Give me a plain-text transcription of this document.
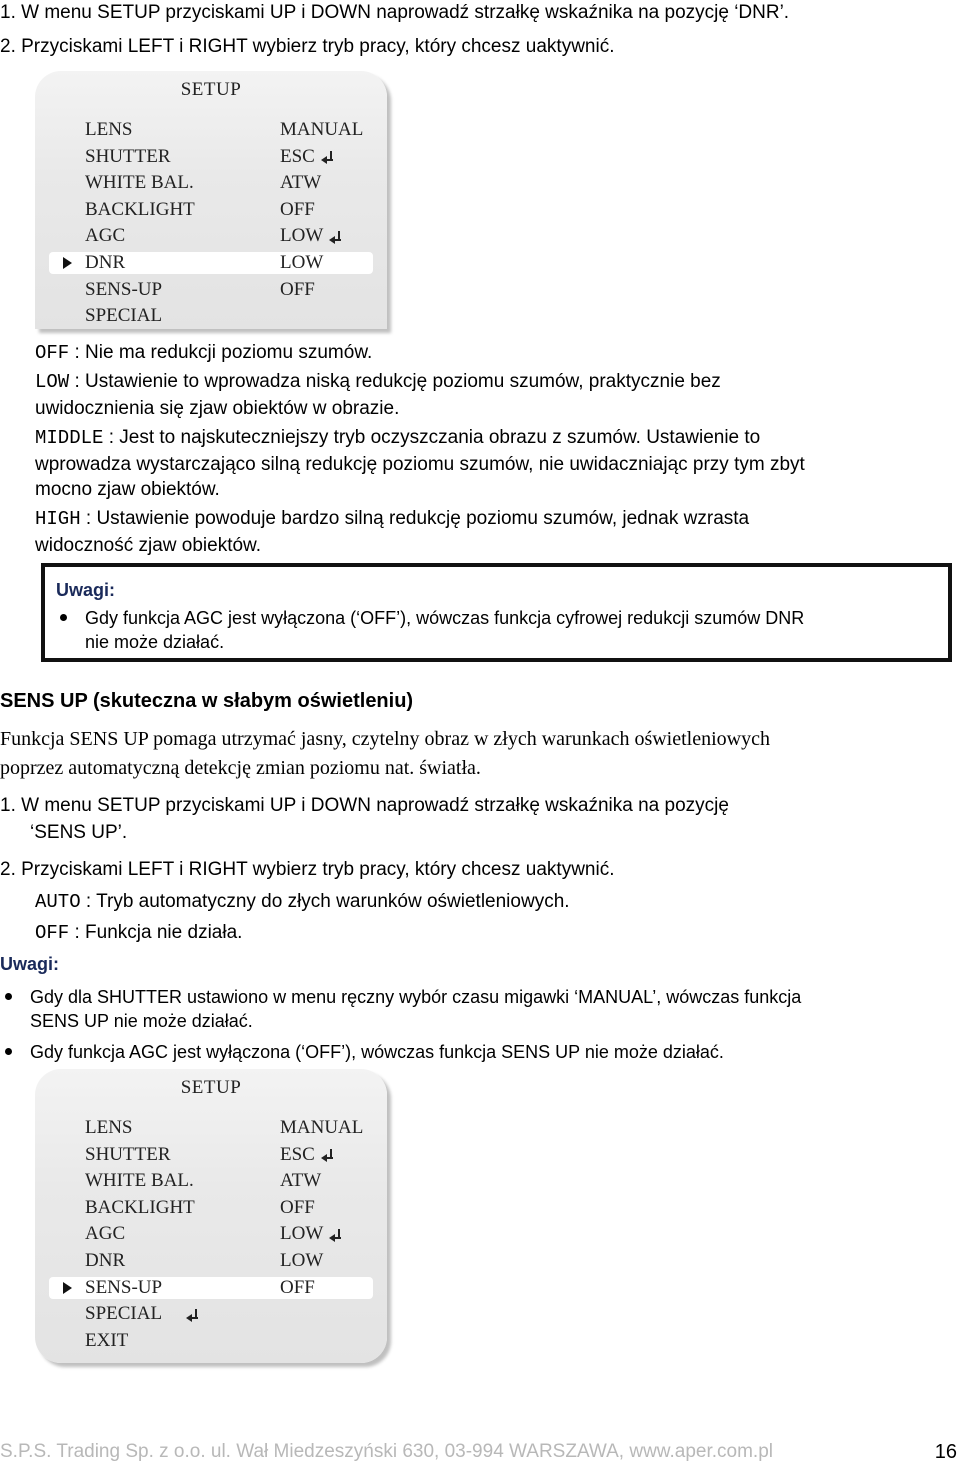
1. W menu SETUP przyciskami UP i DOWN naprowadź strzałkę wskaźnika na pozycję ‘DNR’.
2. Przyciskami LEFT i RIGHT wybierz tryb pracy, który chcesz uaktywnić.
SETUP
LENS	MANUAL
SHUTTER	ESC
WHITE BAL.	ATW
BACKLIGHT	OFF
AGC	LOW
DNR	LOW
SENS-UP	OFF
SPECIAL
OFF : Nie ma redukcji poziomu szumów.
LOW : Ustawienie to wprowadza niską redukcję poziomu szumów, praktycznie bez
uwidocznienia się zjaw obiektów w obrazie.
MIDDLE : Jest to najskuteczniejszy tryb oczyszczania obrazu z szumów. Ustawienie to
wprowadza wystarczająco silną redukcję poziomu szumów, nie uwidaczniając przy tym zbyt
mocno zjaw obiektów.
HIGH : Ustawienie powoduje bardzo silną redukcję poziomu szumów, jednak wzrasta
widoczność zjaw obiektów.
Uwagi:
Gdy funkcja AGC jest wyłączona (‘OFF’), wówczas funkcja cyfrowej redukcji szumów DNR
nie może działać.
SENS UP (skuteczna w słabym oświetleniu)
Funkcja SENS UP pomaga utrzymać jasny, czytelny obraz w złych warunkach oświetleniowych
poprzez automatyczną detekcję zmian poziomu nat. światła.
1. W menu SETUP przyciskami UP i DOWN naprowadź strzałkę wskaźnika na pozycję
‘SENS UP’.
2. Przyciskami LEFT i RIGHT wybierz tryb pracy, który chcesz uaktywnić.
AUTO : Tryb automatyczny do złych warunków oświetleniowych.
OFF : Funkcja nie działa.
Uwagi:
Gdy dla SHUTTER ustawiono w menu ręczny wybór czasu migawki ‘MANUAL’, wówczas funkcja
SENS UP nie może działać.
Gdy funkcja AGC jest wyłączona (‘OFF’), wówczas funkcja SENS UP nie może działać.
SETUP
LENS	MANUAL
SHUTTER	ESC
WHITE BAL.	ATW
BACKLIGHT	OFF
AGC	LOW
DNR	LOW
SENS-UP	OFF
SPECIAL
EXIT
S.P.S. Trading Sp. z o.o. ul. Wał Miedzeszyński 630, 03-994 WARSZAWA, www.aper.com.pl	16
